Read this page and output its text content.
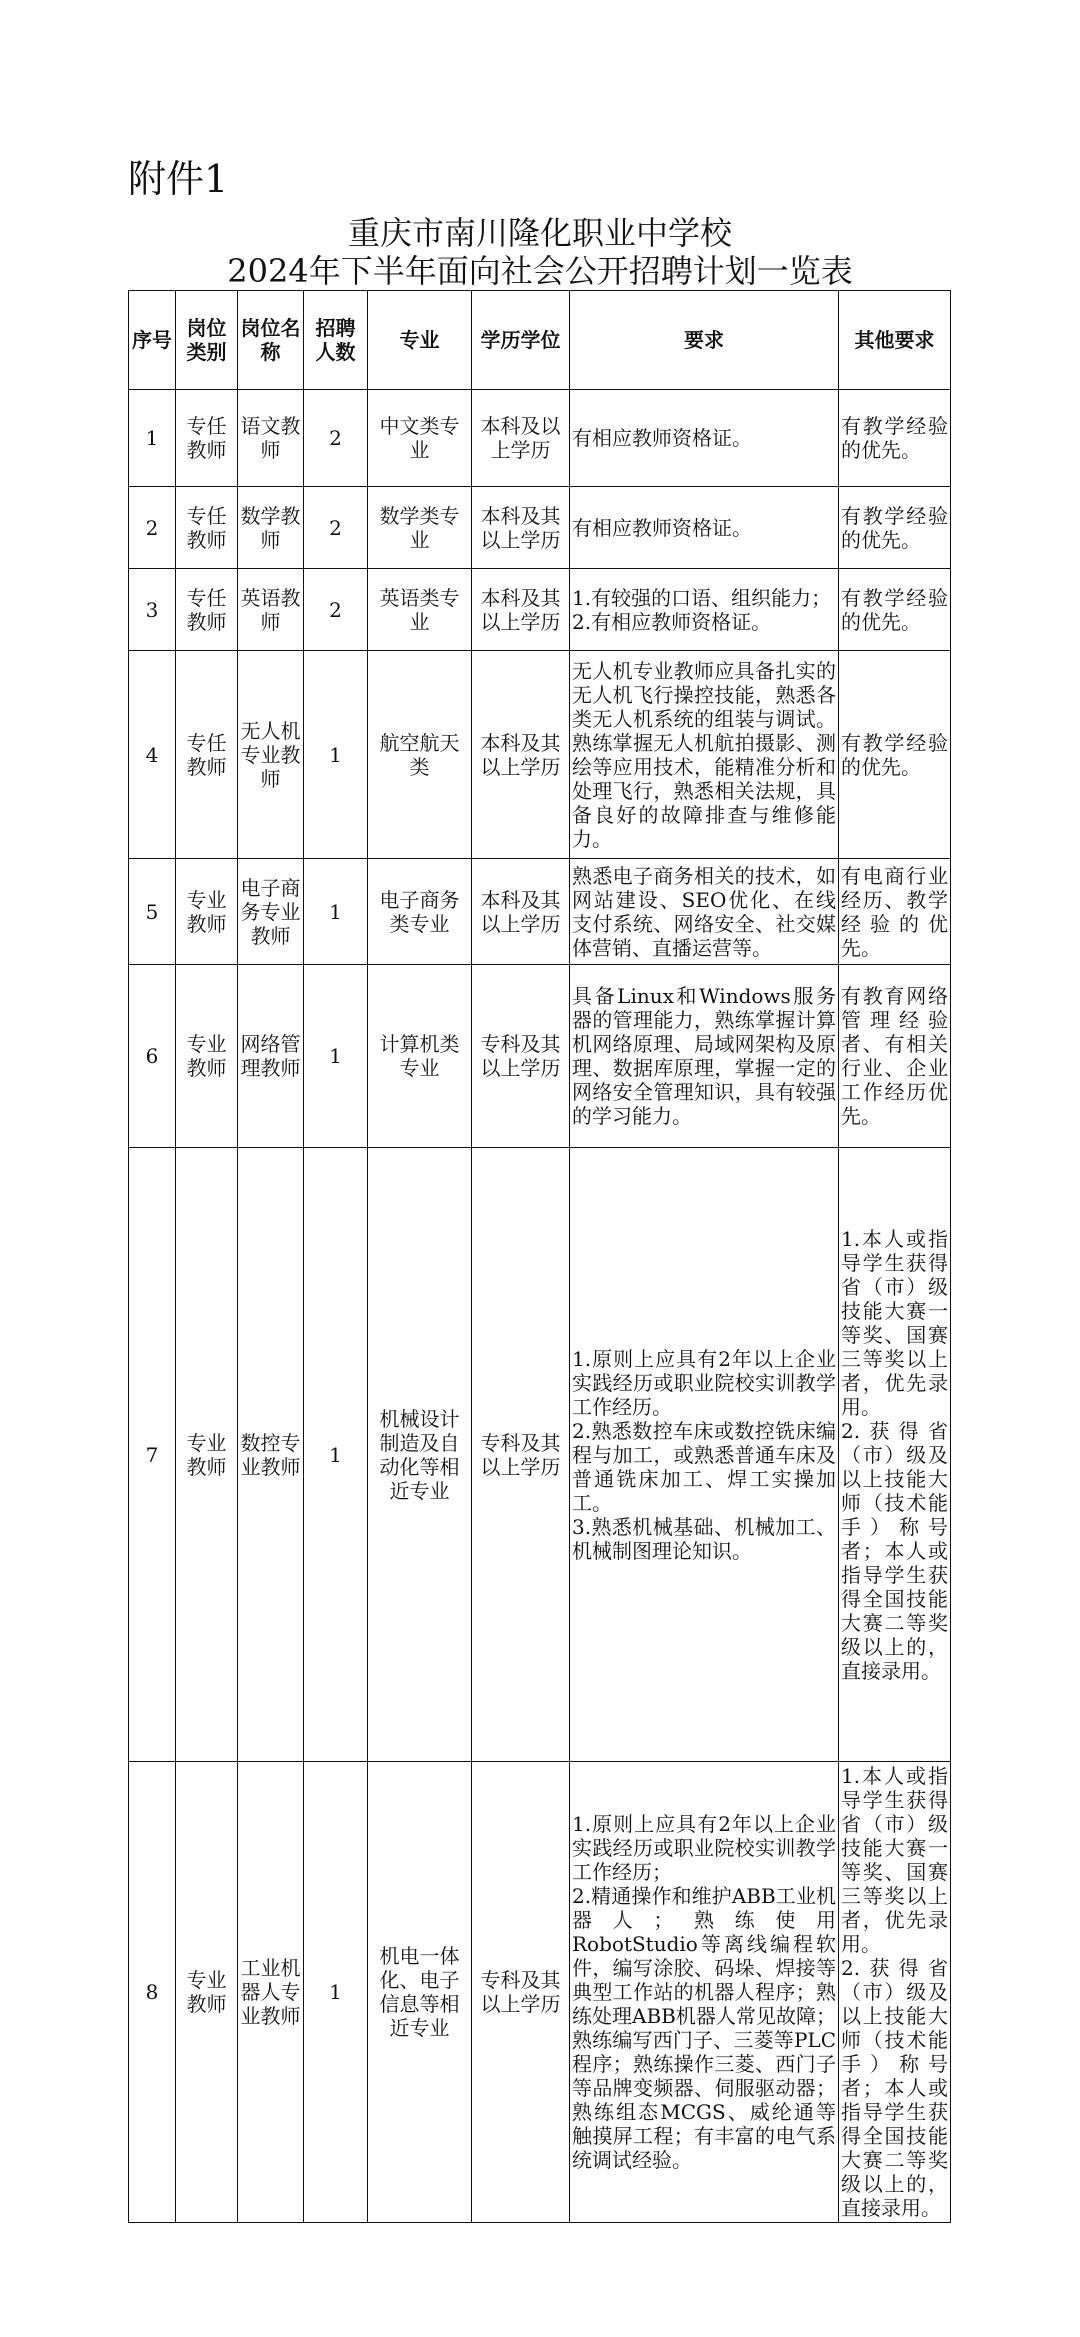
附件1
重庆市南川隆化职业中学校
2024年下半年面向社会公开招聘计划一览表
序号	岗位类别	岗位名称	招聘人数	专业	学历学位	要求	其他要求
1	专任教师	语文教师	2	中文类专业	本科及以上学历	有相应教师资格证。	有教学经验的优先。
2	专任教师	数学教师	2	数学类专业	本科及其以上学历	有相应教师资格证。	有教学经验的优先。
3	专任教师	英语教师	2	英语类专业	本科及其以上学历	1.有较强的口语、组织能力；
2.有相应教师资格证。	有教学经验的优先。
4	专任教师	无人机专业教师	1	航空航天类	本科及其以上学历	无人机专业教师应具备扎实的无人机飞行操控技能，熟悉各类无人机系统的组装与调试。熟练掌握无人机航拍摄影、测绘等应用技术，能精准分析和处理飞行，熟悉相关法规，具备良好的故障排查与维修能力。	有教学经验的优先。
5	专业教师	电子商务专业教师	1	电子商务类专业	本科及其以上学历	熟悉电子商务相关的技术，如网站建设、SEO优化、在线支付系统、网络安全、社交媒体营销、直播运营等。	有电商行业经历、教学经验的优先。
6	专业教师	网络管理教师	1	计算机类专业	专科及其以上学历	具备Linux和Windows服务器的管理能力，熟练掌握计算机网络原理、局域网架构及原理、数据库原理，掌握一定的网络安全管理知识，具有较强的学习能力。	有教育网络管理经验者、有相关行业、企业工作经历优先。
7	专业教师	数控专业教师	1	机械设计制造及自动化等相近专业	专科及其以上学历	1.原则上应具有2年以上企业实践经历或职业院校实训教学工作经历。
2.熟悉数控车床或数控铣床编程与加工，或熟悉普通车床及普通铣床加工、焊工实操加工。
3.熟悉机械基础、机械加工、机械制图理论知识。	1.本人或指导学生获得省（市）级技能大赛一等奖、国赛三等奖以上者，优先录用。
2.获得省（市）级及以上技能大师（技术能手）称号者；本人或指导学生获得全国技能大赛二等奖级以上的，直接录用。
8	专业教师	工业机器人专业教师	1	机电一体化、电子信息等相近专业	专科及其以上学历	1.原则上应具有2年以上企业实践经历或职业院校实训教学工作经历；
2.精通操作和维护ABB工业机器人；熟练使用RobotStudio等离线编程软件，编写涂胶、码垛、焊接等典型工作站的机器人程序；熟练处理ABB机器人常见故障；熟练编写西门子、三菱等PLC程序；熟练操作三菱、西门子等品牌变频器、伺服驱动器；熟练组态MCGS、威纶通等触摸屏工程；有丰富的电气系统调试经验。	1.本人或指导学生获得省（市）级技能大赛一等奖、国赛三等奖以上者，优先录用。
2.获得省（市）级及以上技能大师（技术能手）称号者；本人或指导学生获得全国技能大赛二等奖级以上的，直接录用。
